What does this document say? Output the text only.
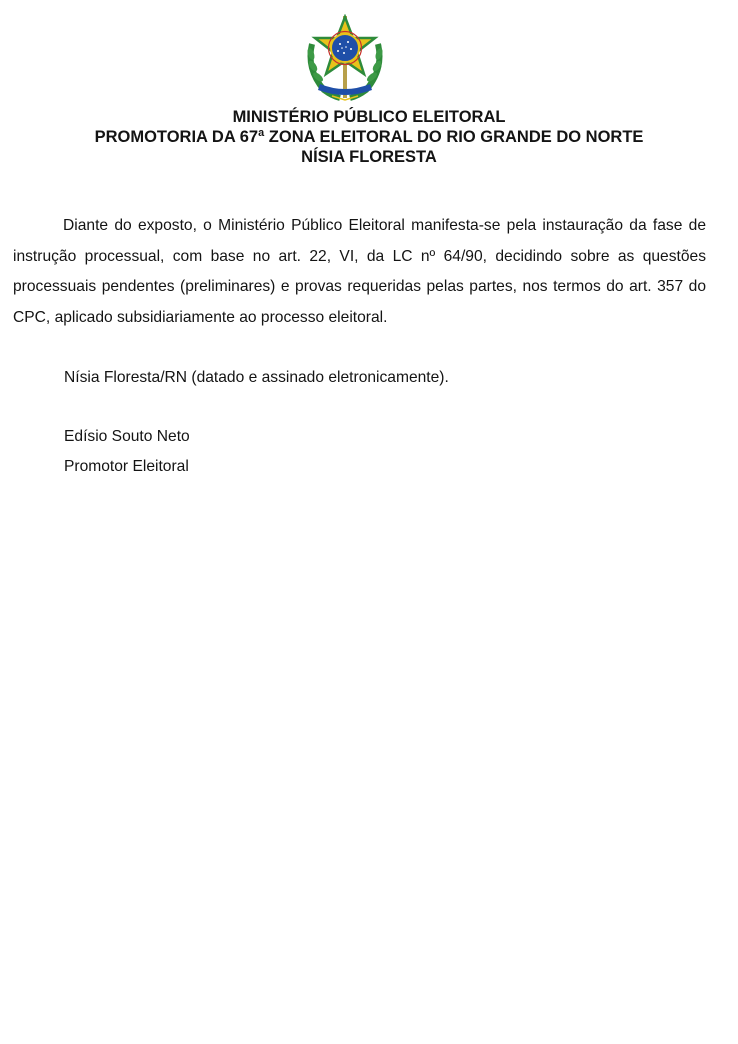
MINISTÉRIO PÚBLICO ELEITORAL
PROMOTORIA DA 67ª ZONA ELEITORAL DO RIO GRANDE DO NORTE
NÍSIA FLORESTA

Diante do exposto, o Ministério Público Eleitoral manifesta-se pela instauração da fase de instrução processual, com base no art. 22, VI, da LC nº 64/90, decidindo sobre as questões processuais pendentes (preliminares) e provas requeridas pelas partes, nos termos do art. 357 do CPC, aplicado subsidiariamente ao processo eleitoral.

Nísia Floresta/RN (datado e assinado eletronicamente).
Edísio Souto Neto
Promotor Eleitoral
